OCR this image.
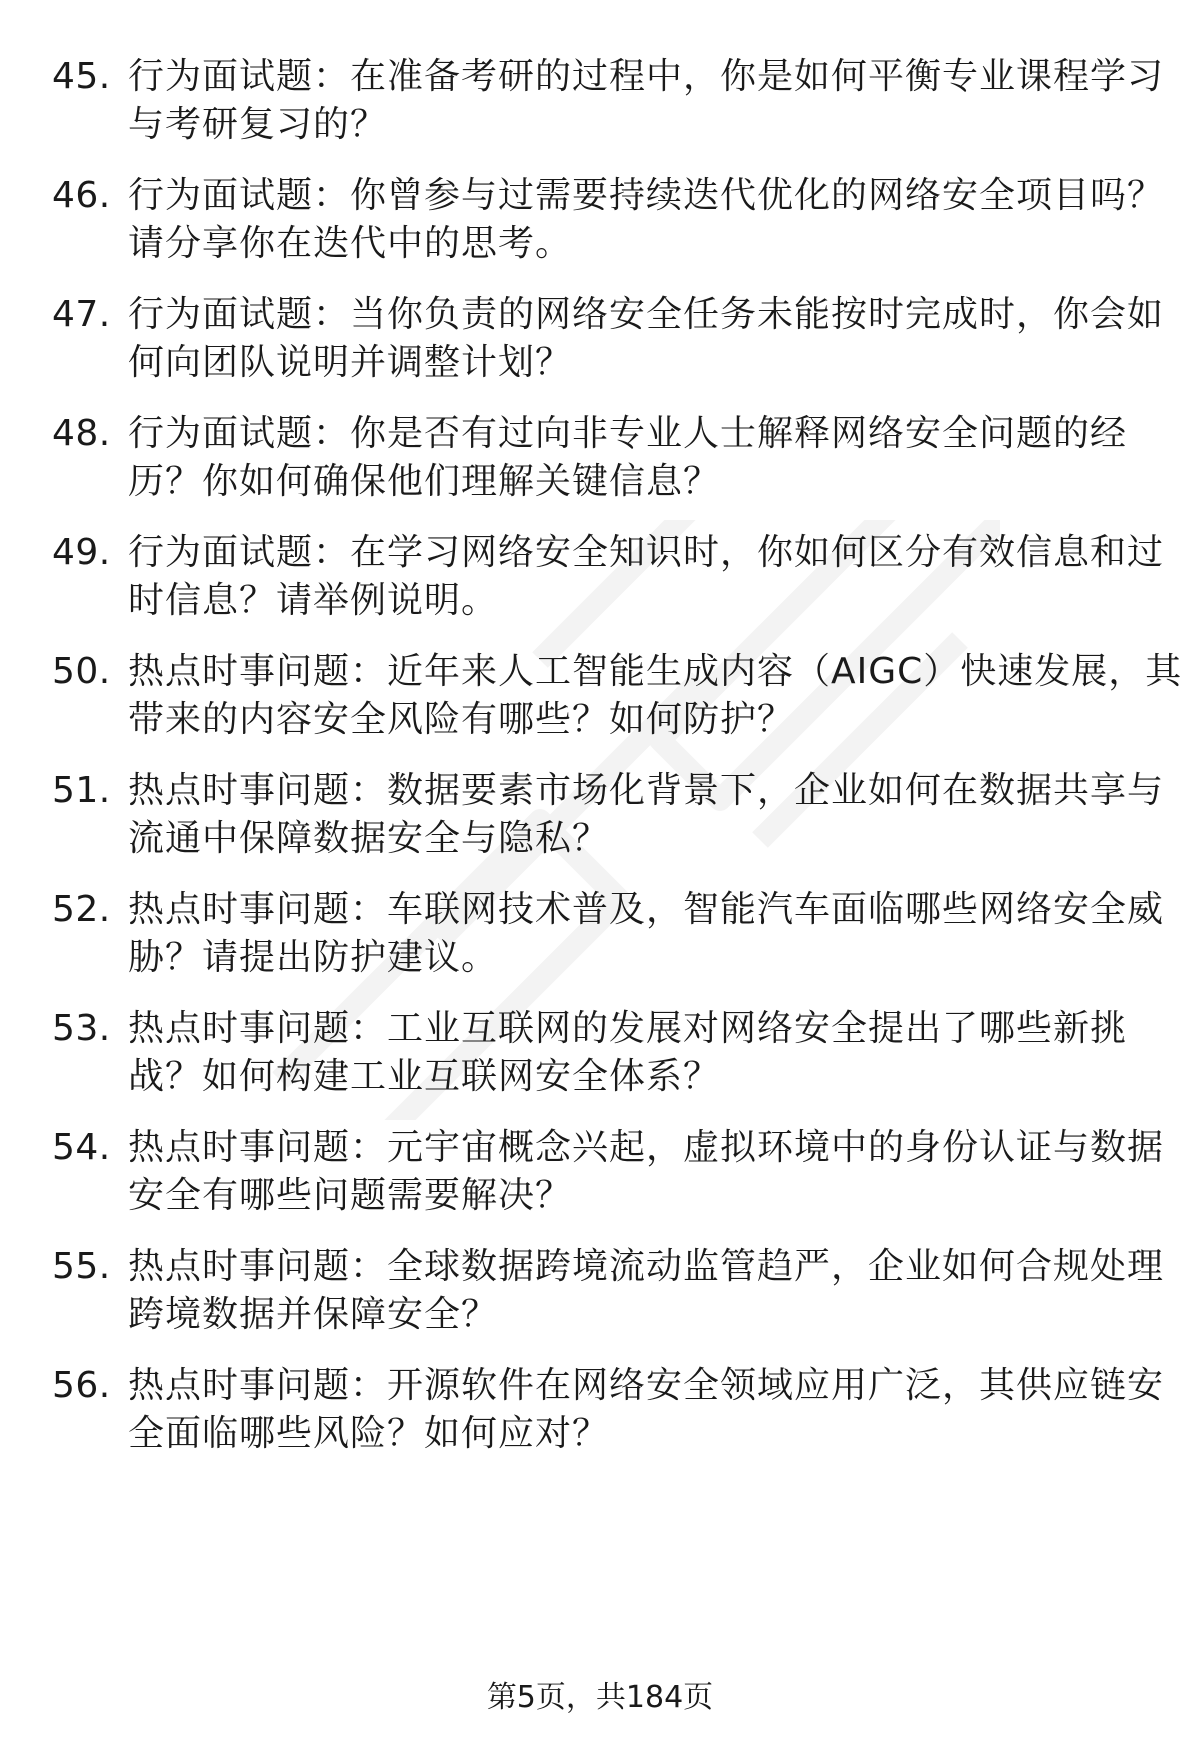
45. 行为面试题：在准备考研的过程中，你是如何平衡专业课程学习与考研复习的？
46. 行为面试题：你曾参与过需要持续迭代优化的网络安全项目吗？请分享你在迭代中的思考。
47. 行为面试题：当你负责的网络安全任务未能按时完成时，你会如何向团队说明并调整计划？
48. 行为面试题：你是否有过向非专业人士解释网络安全问题的经历？你如何确保他们理解关键信息？
49. 行为面试题：在学习网络安全知识时，你如何区分有效信息和过时信息？请举例说明。
50. 热点时事问题：近年来人工智能生成内容（AIGC）快速发展，其带来的内容安全风险有哪些？如何防护？
51. 热点时事问题：数据要素市场化背景下，企业如何在数据共享与流通中保障数据安全与隐私？
52. 热点时事问题：车联网技术普及，智能汽车面临哪些网络安全威胁？请提出防护建议。
53. 热点时事问题：工业互联网的发展对网络安全提出了哪些新挑战？如何构建工业互联网安全体系？
54. 热点时事问题：元宇宙概念兴起，虚拟环境中的身份认证与数据安全有哪些问题需要解决？
55. 热点时事问题：全球数据跨境流动监管趋严，企业如何合规处理跨境数据并保障安全？
56. 热点时事问题：开源软件在网络安全领域应用广泛，其供应链安全面临哪些风险？如何应对？
第5页，共184页
